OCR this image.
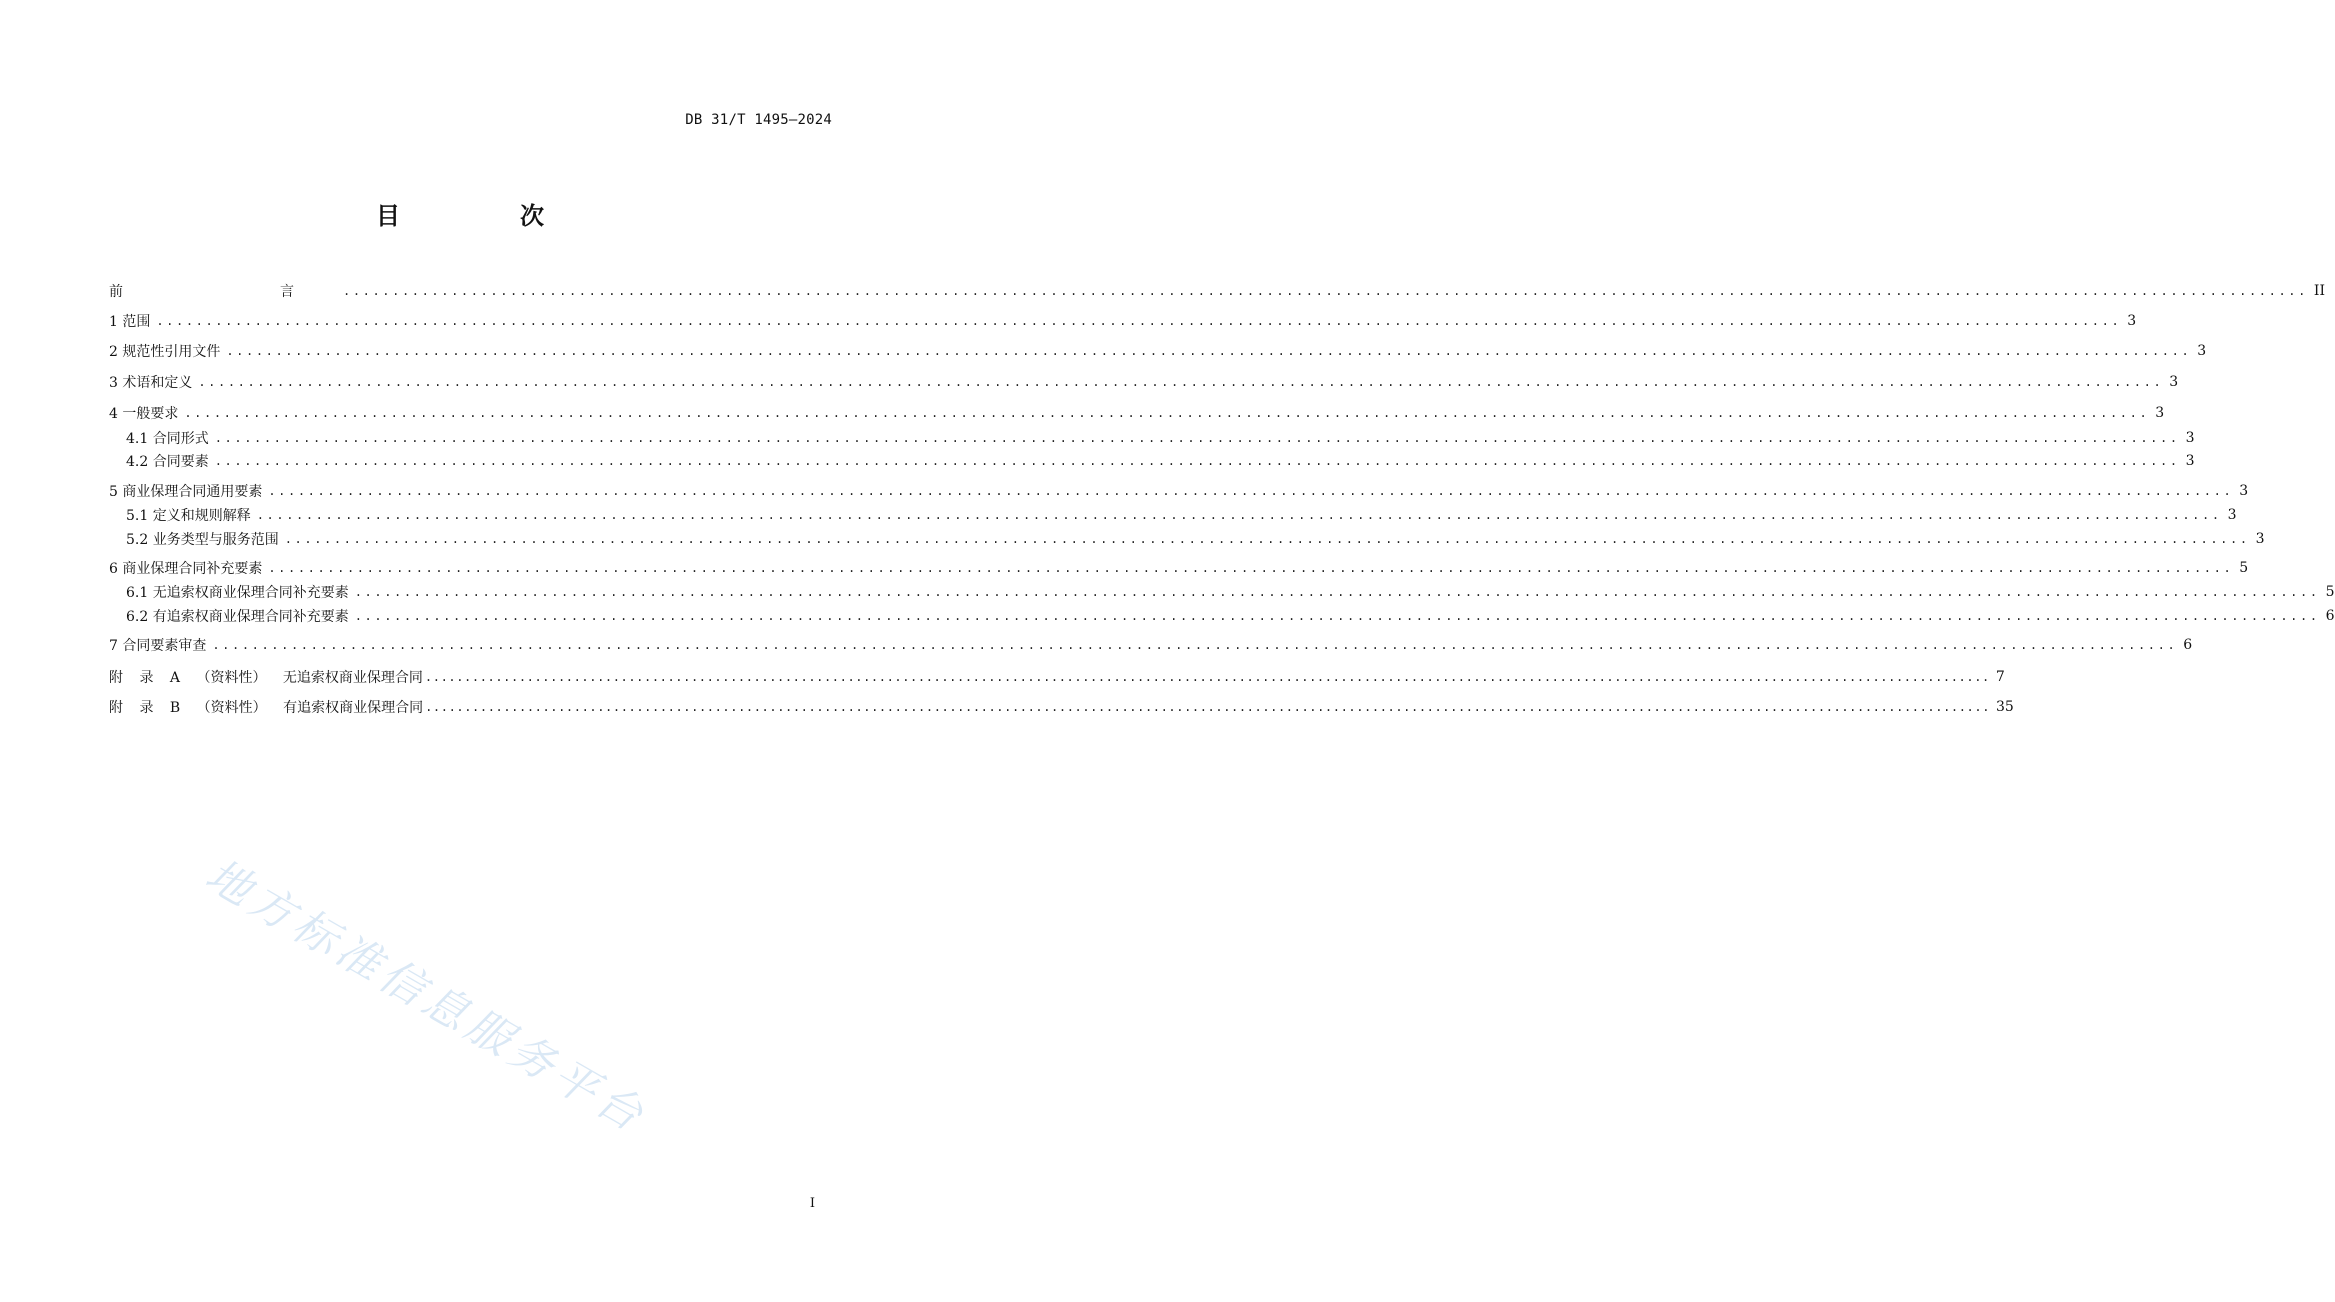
DB 31/T 1495—2024
目　次
前　　言 ........................................................................................................................................................................................................ II
1 范围 ........................................................................................................................................................................................................ 3
2 规范性引用文件 ........................................................................................................................................................................................................ 3
3 术语和定义 ........................................................................................................................................................................................................ 3
4 一般要求 ........................................................................................................................................................................................................ 3
4.1 合同形式 ........................................................................................................................................................................................................ 3
4.2 合同要素 ........................................................................................................................................................................................................ 3
5 商业保理合同通用要素 ........................................................................................................................................................................................................ 3
5.1 定义和规则解释 ........................................................................................................................................................................................................ 3
5.2 业务类型与服务范围 ........................................................................................................................................................................................................ 3
6 商业保理合同补充要素 ........................................................................................................................................................................................................ 5
6.1 无追索权商业保理合同补充要素 ........................................................................................................................................................................................................ 5
6.2 有追索权商业保理合同补充要素 ........................................................................................................................................................................................................ 6
7 合同要素审查 ........................................................................................................................................................................................................ 6
附 录 A （资料性） 无追索权商业保理合同 ........................................................................................................................................................................................................ 7
附 录 B （资料性） 有追索权商业保理合同 ........................................................................................................................................................................................................ 35
地方标准信息服务平台
I
